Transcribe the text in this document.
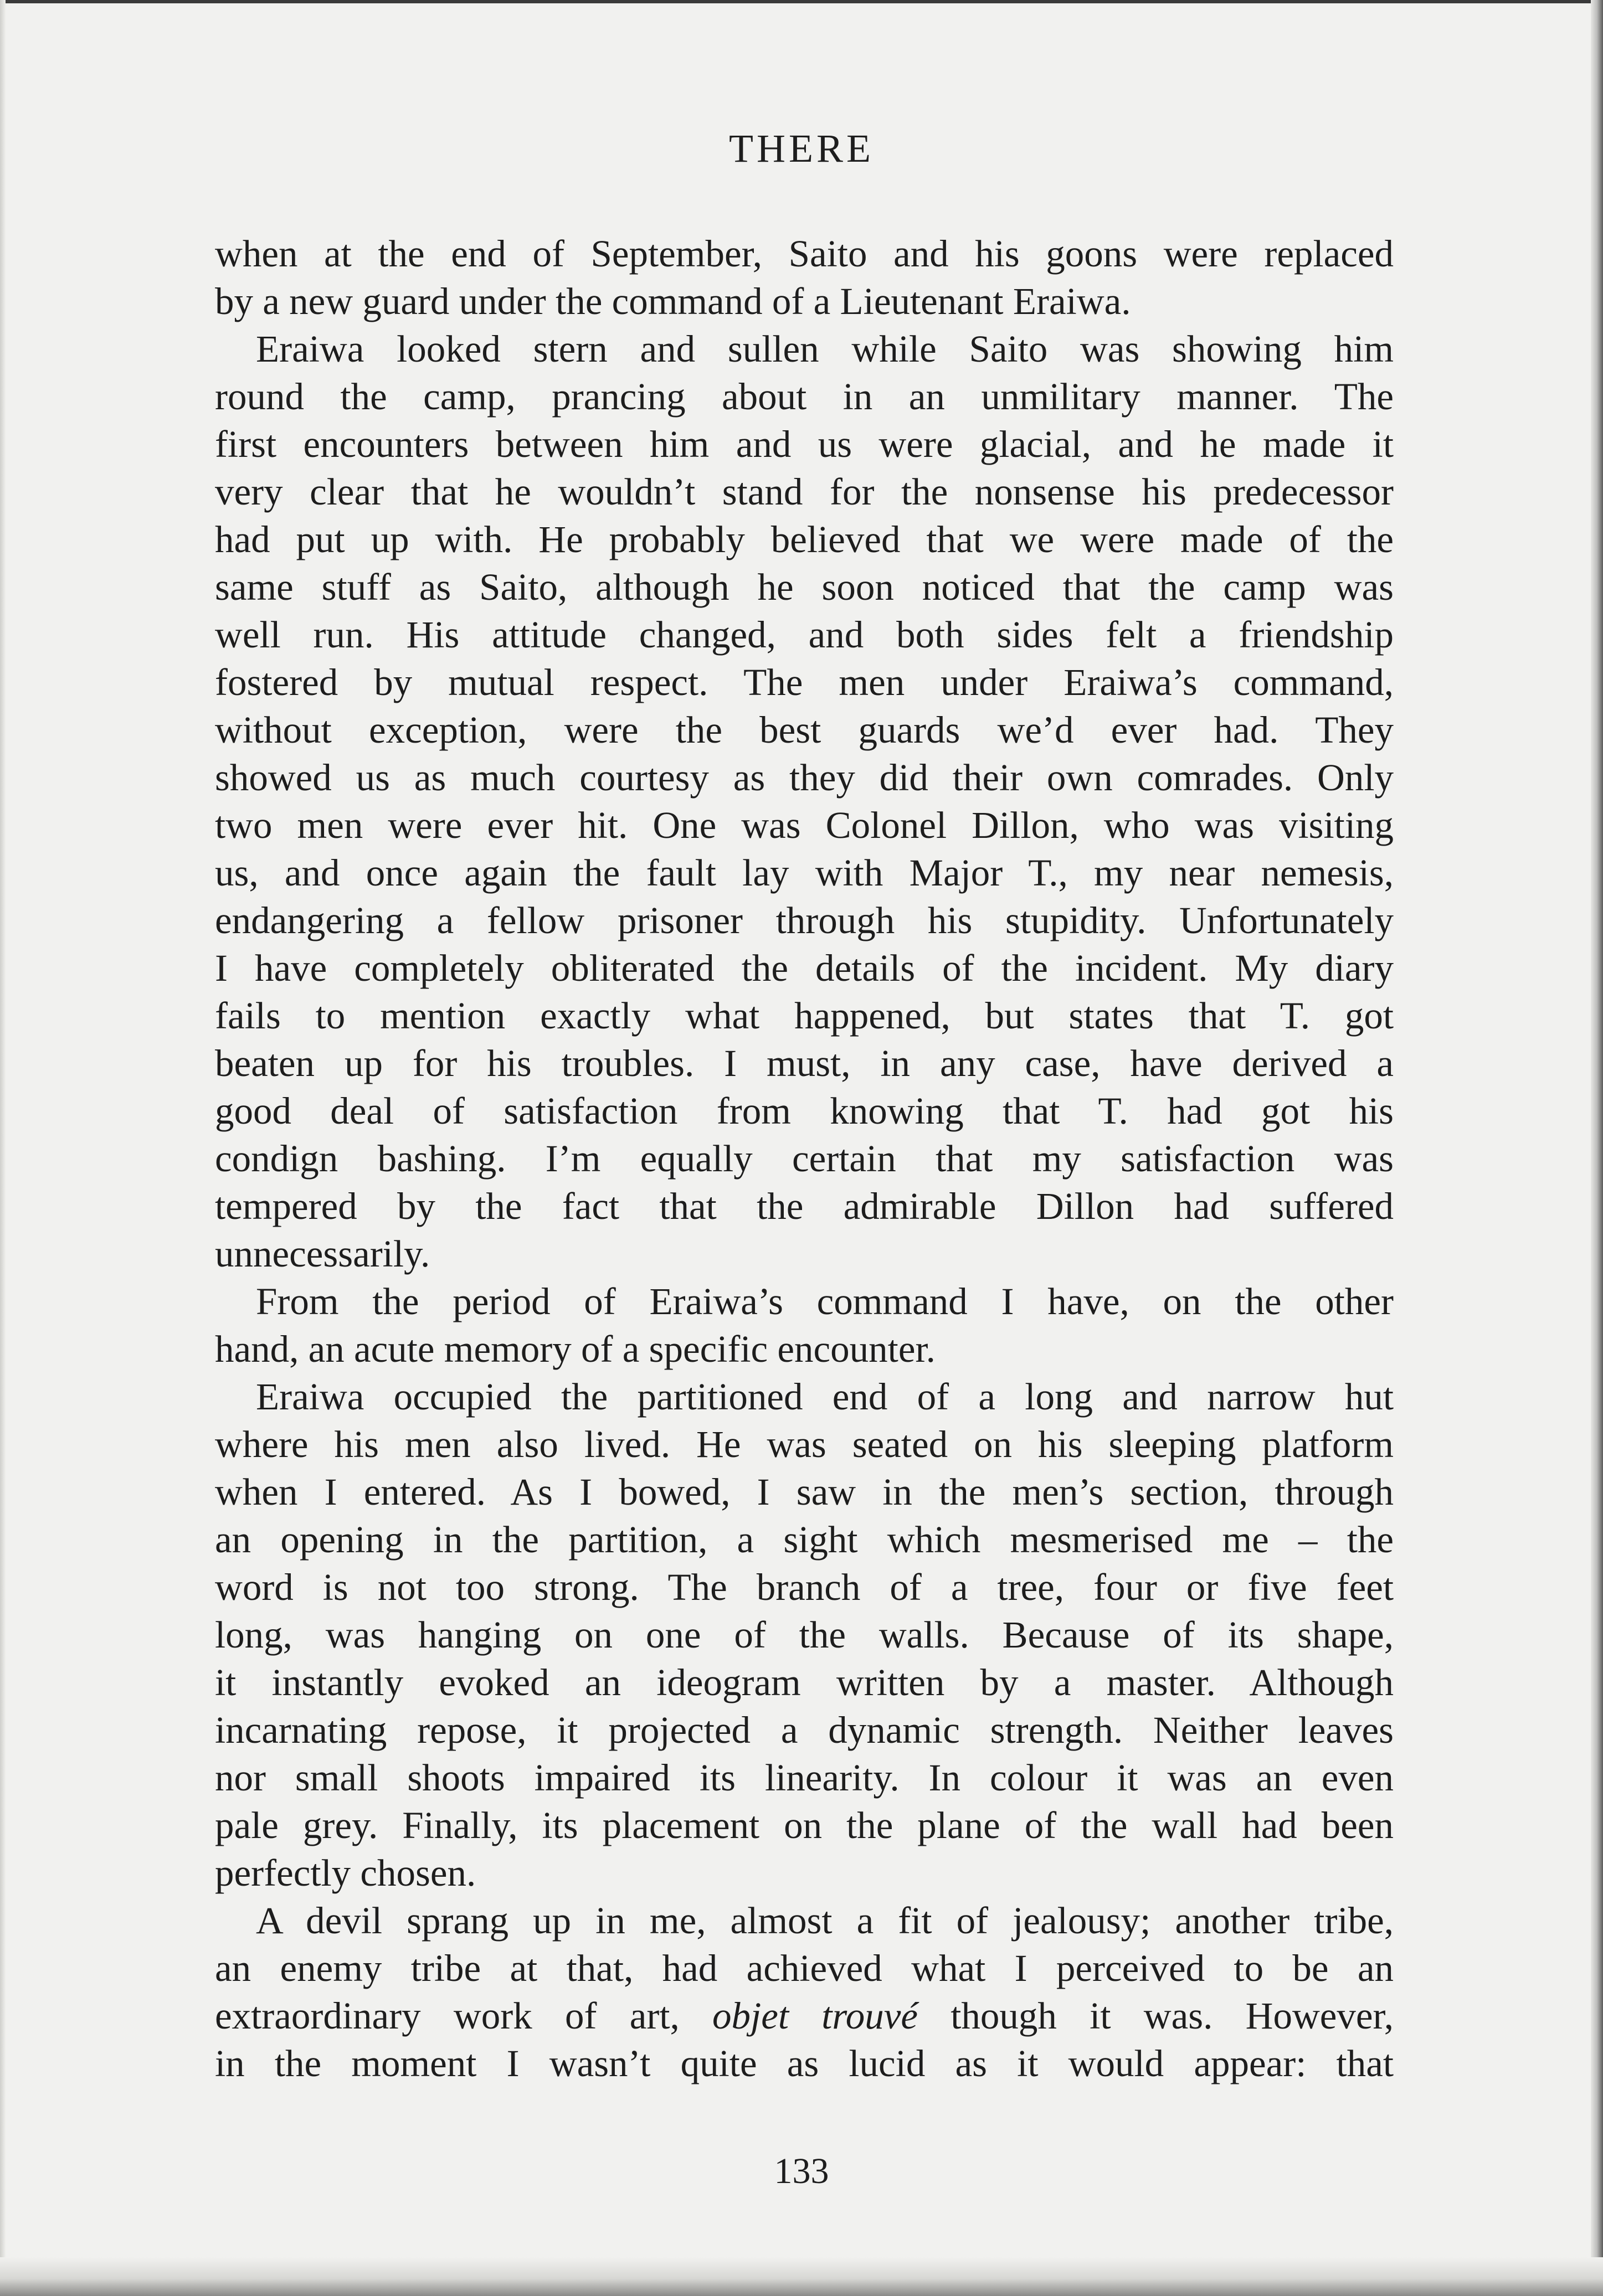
THERE
when at the end of September, Saito and his goons were replaced
by a new guard under the command of a Lieutenant Eraiwa.
Eraiwa looked stern and sullen while Saito was showing him
round the camp, prancing about in an unmilitary manner. The
first encounters between him and us were glacial, and he made it
very clear that he wouldn’t stand for the nonsense his predecessor
had put up with. He probably believed that we were made of the
same stuff as Saito, although he soon noticed that the camp was
well run. His attitude changed, and both sides felt a friendship
fostered by mutual respect. The men under Eraiwa’s command,
without exception, were the best guards we’d ever had. They
showed us as much courtesy as they did their own comrades. Only
two men were ever hit. One was Colonel Dillon, who was visiting
us, and once again the fault lay with Major T., my near nemesis,
endangering a fellow prisoner through his stupidity. Unfortunately
I have completely obliterated the details of the incident. My diary
fails to mention exactly what happened, but states that T. got
beaten up for his troubles. I must, in any case, have derived a
good deal of satisfaction from knowing that T. had got his
condign bashing. I’m equally certain that my satisfaction was
tempered by the fact that the admirable Dillon had suffered
unnecessarily.
From the period of Eraiwa’s command I have, on the other
hand, an acute memory of a specific encounter.
Eraiwa occupied the partitioned end of a long and narrow hut
where his men also lived. He was seated on his sleeping platform
when I entered. As I bowed, I saw in the men’s section, through
an opening in the partition, a sight which mesmerised me – the
word is not too strong. The branch of a tree, four or five feet
long, was hanging on one of the walls. Because of its shape,
it instantly evoked an ideogram written by a master. Although
incarnating repose, it projected a dynamic strength. Neither leaves
nor small shoots impaired its linearity. In colour it was an even
pale grey. Finally, its placement on the plane of the wall had been
perfectly chosen.
A devil sprang up in me, almost a fit of jealousy; another tribe,
an enemy tribe at that, had achieved what I perceived to be an
extraordinary work of art, objet trouvé though it was. However,
in the moment I wasn’t quite as lucid as it would appear: that
133
